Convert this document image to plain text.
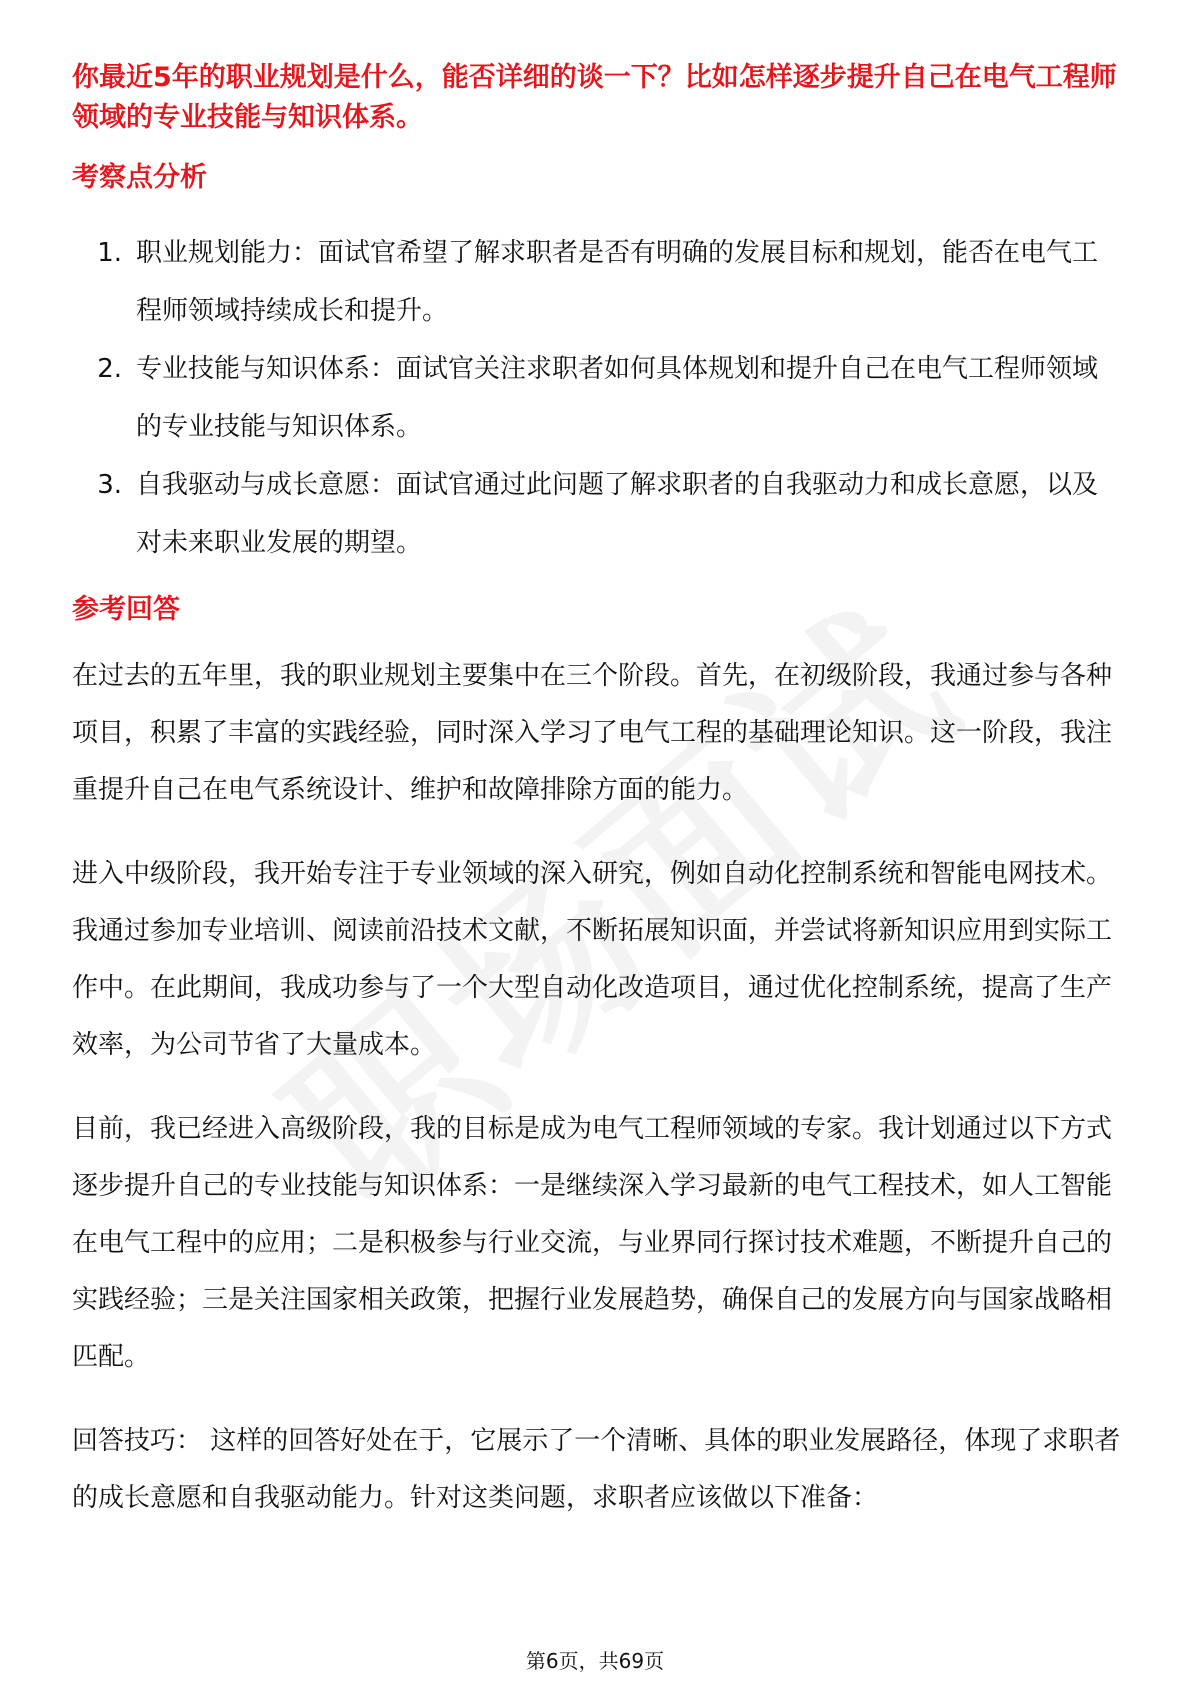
你最近5年的职业规划是什么，能否详细的谈一下？比如怎样逐步提升自己在电气工程师领域的专业技能与知识体系。

考察点分析
1. 职业规划能力：面试官希望了解求职者是否有明确的发展目标和规划，能否在电气工程师领域持续成长和提升。
2. 专业技能与知识体系：面试官关注求职者如何具体规划和提升自己在电气工程师领域的专业技能与知识体系。
3. 自我驱动与成长意愿：面试官通过此问题了解求职者的自我驱动力和成长意愿，以及对未来职业发展的期望。
参考回答

在过去的五年里，我的职业规划主要集中在三个阶段。首先，在初级阶段，我通过参与各种项目，积累了丰富的实践经验，同时深入学习了电气工程的基础理论知识。这一阶段，我注重提升自己在电气系统设计、维护和故障排除方面的能力。

进入中级阶段，我开始专注于专业领域的深入研究，例如自动化控制系统和智能电网技术。我通过参加专业培训、阅读前沿技术文献，不断拓展知识面，并尝试将新知识应用到实际工作中。在此期间，我成功参与了一个大型自动化改造项目，通过优化控制系统，提高了生产效率，为公司节省了大量成本。

目前，我已经进入高级阶段，我的目标是成为电气工程师领域的专家。我计划通过以下方式逐步提升自己的专业技能与知识体系：一是继续深入学习最新的电气工程技术，如人工智能在电气工程中的应用；二是积极参与行业交流，与业界同行探讨技术难题，不断提升自己的实践经验；三是关注国家相关政策，把握行业发展趋势，确保自己的发展方向与国家战略相匹配。

回答技巧： 这样的回答好处在于，它展示了一个清晰、具体的职业发展路径，体现了求职者的成长意愿和自我驱动能力。针对这类问题，求职者应该做以下准备：

第6页，共69页
